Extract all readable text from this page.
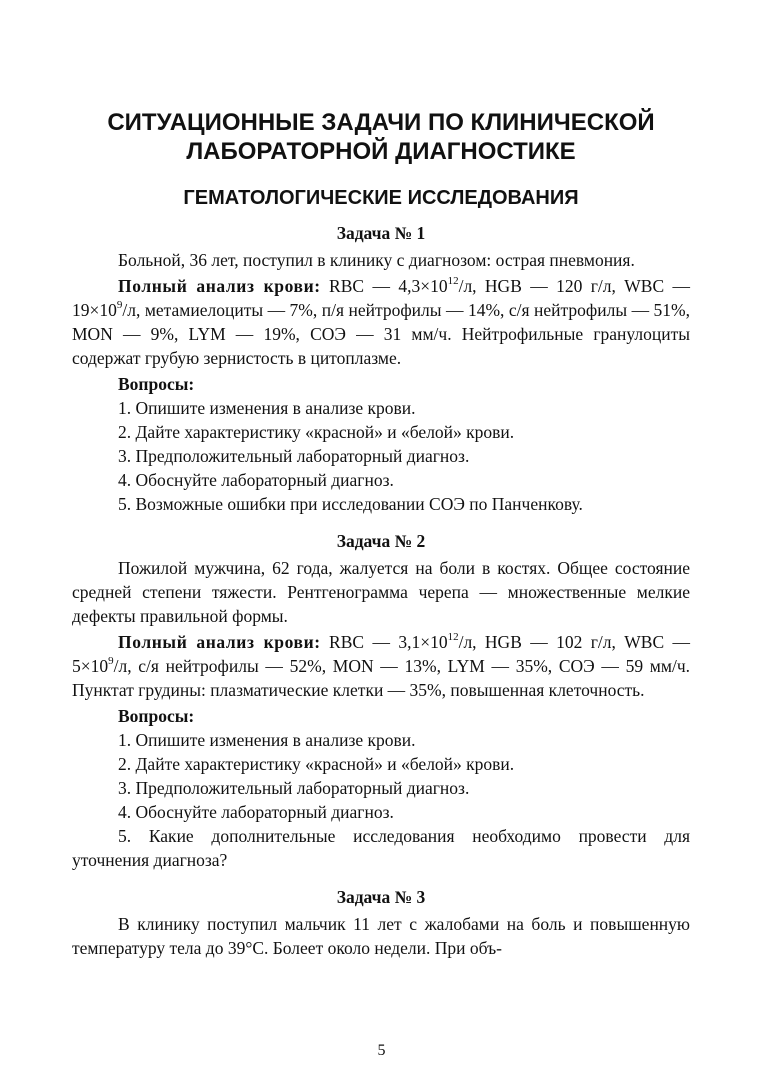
СИТУАЦИОННЫЕ ЗАДАЧИ ПО КЛИНИЧЕСКОЙ
ЛАБОРАТОРНОЙ ДИАГНОСТИКЕ
ГЕМАТОЛОГИЧЕСКИЕ ИССЛЕДОВАНИЯ
Задача № 1

Больной, 36 лет, поступил в клинику с диагнозом: острая пневмония.

Полный анализ крови: RBC — $4,3\times 10^{12}/л$, HGB — 120 г/л, WBC — $19\times 10^9/л$, метамиелоциты — 7%, п/я нейтрофилы — 14%, с/я нейтрофилы — 51%, MON — 9%, LYM — 19%, СОЭ — 31 мм/ч. Нейтрофильные гранулоциты содержат грубую зернистость в цитоплазме.

Вопросы:
1. Опишите изменения в анализе крови.
2. Дайте характеристику «красной» и «белой» крови.
3. Предположительный лабораторный диагноз.
4. Обоснуйте лабораторный диагноз.
5. Возможные ошибки при исследовании СОЭ по Панченкову.
Задача № 2

Пожилой мужчина, 62 года, жалуется на боли в костях. Общее состояние средней степени тяжести. Рентгенограмма черепа — множественные мелкие дефекты правильной формы.

Полный анализ крови: RBC — $3,1\times 10^{12}/л$, HGB — 102 г/л, WBC — $5\times 10^9/л$, с/я нейтрофилы — 52%, MON — 13%, LYM — 35%, СОЭ — 59 мм/ч. Пунктат грудины: плазматические клетки — 35%, повышенная клеточность.

Вопросы:
1. Опишите изменения в анализе крови.
2. Дайте характеристику «красной» и «белой» крови.
3. Предположительный лабораторный диагноз.
4. Обоснуйте лабораторный диагноз.
5. Какие дополнительные исследования необходимо провести для уточнения диагноза?
Задача № 3

В клинику поступил мальчик 11 лет с жалобами на боль и повышенную температуру тела до 39°C. Болеет около недели. При объ-

5
